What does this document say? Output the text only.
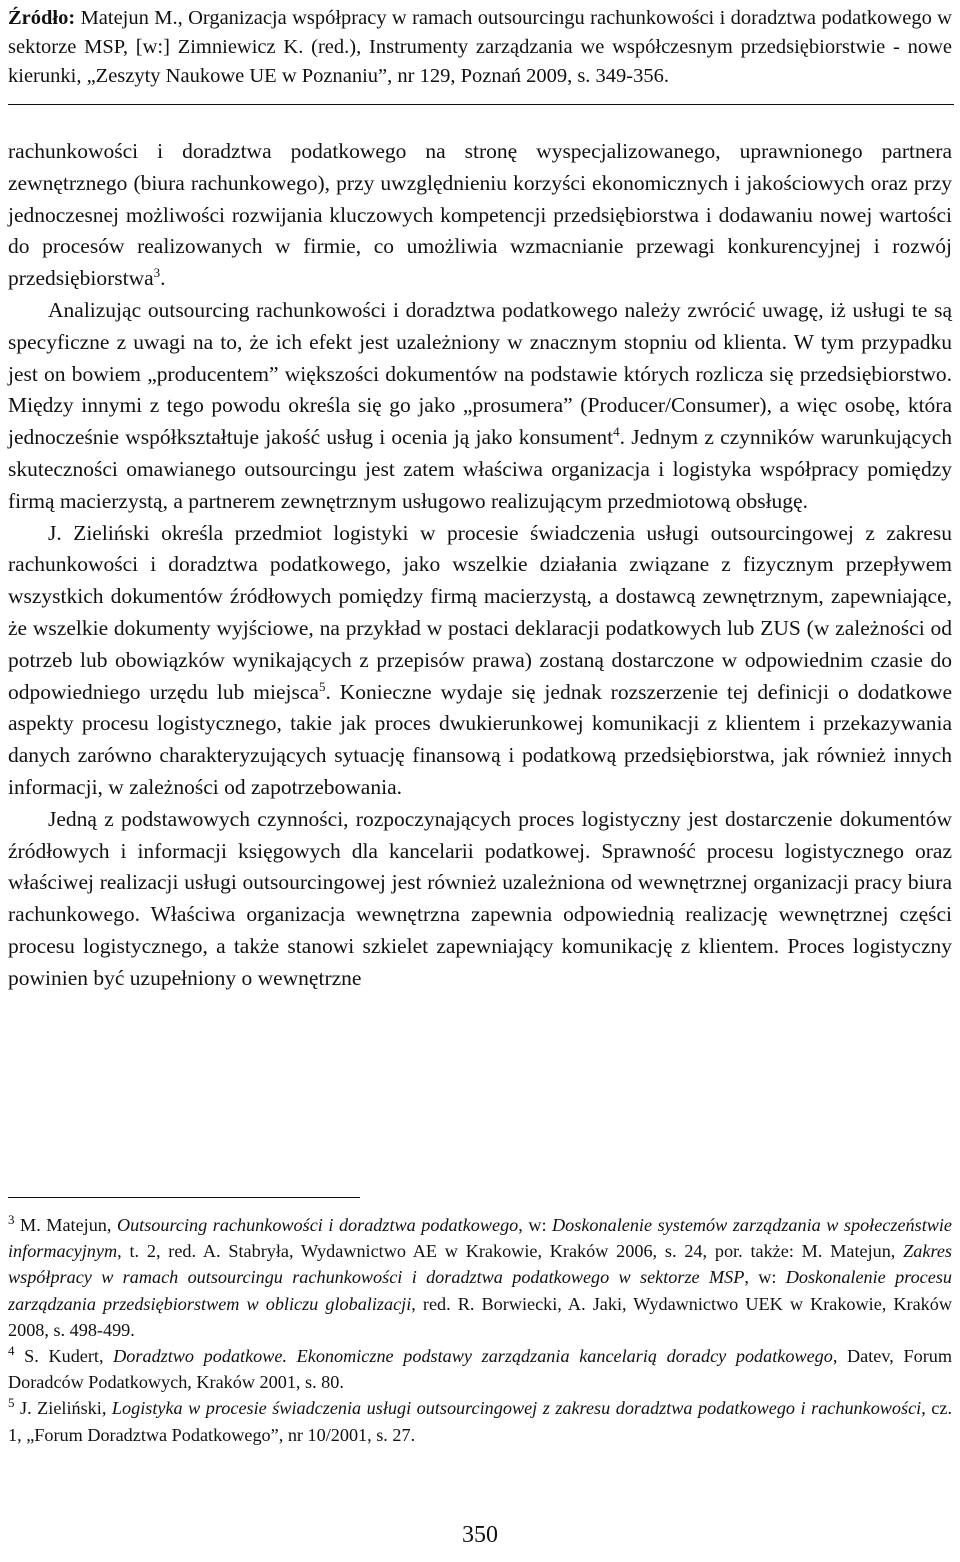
Źródło: Matejun M., Organizacja współpracy w ramach outsourcingu rachunkowości i doradztwa podatkowego w sektorze MSP, [w:] Zimniewicz K. (red.), Instrumenty zarządzania we współczesnym przedsiębiorstwie - nowe kierunki, „Zeszyty Naukowe UE w Poznaniu”, nr 129, Poznań 2009, s. 349-356.

rachunkowości i doradztwa podatkowego na stronę wyspecjalizowanego, uprawnionego partnera zewnętrznego (biura rachunkowego), przy uwzględnieniu korzyści ekonomicznych i jakościowych oraz przy jednoczesnej możliwości rozwijania kluczowych kompetencji przedsiębiorstwa i dodawaniu nowej wartości do procesów realizowanych w firmie, co umożliwia wzmacnianie przewagi konkurencyjnej i rozwój przedsiębiorstwa$^3$.

Analizując outsourcing rachunkowości i doradztwa podatkowego należy zwrócić uwagę, iż usługi te są specyficzne z uwagi na to, że ich efekt jest uzależniony w znacznym stopniu od klienta. W tym przypadku jest on bowiem „producentem” większości dokumentów na podstawie których rozlicza się przedsiębiorstwo. Między innymi z tego powodu określa się go jako „prosumera” (Producer/Consumer), a więc osobę, która jednocześnie współkształtuje jakość usług i ocenia ją jako konsument$^4$. Jednym z czynników warunkujących skuteczności omawianego outsourcingu jest zatem właściwa organizacja i logistyka współpracy pomiędzy firmą macierzystą, a partnerem zewnętrznym usługowo realizującym przedmiotową obsługę.

J. Zieliński określa przedmiot logistyki w procesie świadczenia usługi outsourcingowej z zakresu rachunkowości i doradztwa podatkowego, jako wszelkie działania związane z fizycznym przepływem wszystkich dokumentów źródłowych pomiędzy firmą macierzystą, a dostawcą zewnętrznym, zapewniające, że wszelkie dokumenty wyjściowe, na przykład w postaci deklaracji podatkowych lub ZUS (w zależności od potrzeb lub obowiązków wynikających z przepisów prawa) zostaną dostarczone w odpowiednim czasie do odpowiedniego urzędu lub miejsca$^5$. Konieczne wydaje się jednak rozszerzenie tej definicji o dodatkowe aspekty procesu logistycznego, takie jak proces dwukierunkowej komunikacji z klientem i przekazywania danych zarówno charakteryzujących sytuację finansową i podatkową przedsiębiorstwa, jak również innych informacji, w zależności od zapotrzebowania.

Jedną z podstawowych czynności, rozpoczynających proces logistyczny jest dostarczenie dokumentów źródłowych i informacji księgowych dla kancelarii podatkowej. Sprawność procesu logistycznego oraz właściwej realizacji usługi outsourcingowej jest również uzależniona od wewnętrznej organizacji pracy biura rachunkowego. Właściwa organizacja wewnętrzna zapewnia odpowiednią realizację wewnętrznej części procesu logistycznego, a także stanowi szkielet zapewniający komunikację z klientem. Proces logistyczny powinien być uzupełniony o wewnętrzne

$^3$ M. Matejun, Outsourcing rachunkowości i doradztwa podatkowego, w: Doskonalenie systemów zarządzania w społeczeństwie informacyjnym, t. 2, red. A. Stabryła, Wydawnictwo AE w Krakowie, Kraków 2006, s. 24, por. także: M. Matejun, Zakres współpracy w ramach outsourcingu rachunkowości i doradztwa podatkowego w sektorze MSP, w: Doskonalenie procesu zarządzania przedsiębiorstwem w obliczu globalizacji, red. R. Borwiecki, A. Jaki, Wydawnictwo UEK w Krakowie, Kraków 2008, s. 498-499.

$^4$ S. Kudert, Doradztwo podatkowe. Ekonomiczne podstawy zarządzania kancelarią doradcy podatkowego, Datev, Forum Doradców Podatkowych, Kraków 2001, s. 80.

$^5$ J. Zieliński, Logistyka w procesie świadczenia usługi outsourcingowej z zakresu doradztwa podatkowego i rachunkowości, cz. 1, „Forum Doradztwa Podatkowego”, nr 10/2001, s. 27.

350
